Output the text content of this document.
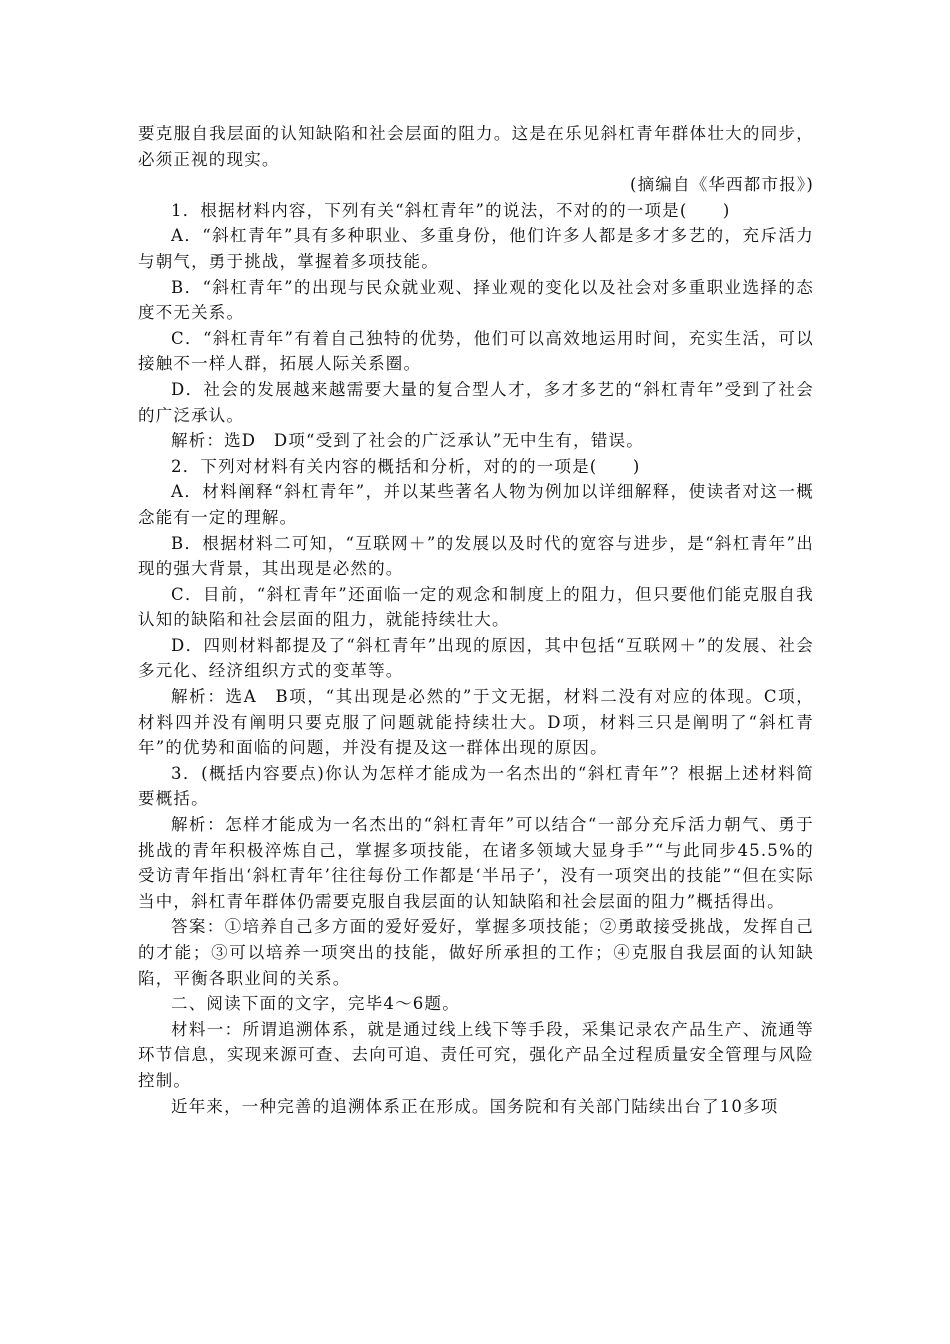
要克服自我层面的认知缺陷和社会层面的阻力。这是在乐见斜杠青年群体壮大的同步，必须正视的现实。

(摘编自《华西都市报》)

1．根据材料内容，下列有关“斜杠青年”的说法，不对的的一项是(　　)

A．“斜杠青年”具有多种职业、多重身份，他们许多人都是多才多艺的，充斥活力与朝气，勇于挑战，掌握着多项技能。

B．“斜杠青年”的出现与民众就业观、择业观的变化以及社会对多重职业选择的态度不无关系。

C．“斜杠青年”有着自己独特的优势，他们可以高效地运用时间，充实生活，可以接触不一样人群，拓展人际关系圈。

D．社会的发展越来越需要大量的复合型人才，多才多艺的“斜杠青年”受到了社会的广泛承认。

解析：选D　D项“受到了社会的广泛承认”无中生有，错误。

2．下列对材料有关内容的概括和分析，对的的一项是(　　)

A．材料阐释“斜杠青年”，并以某些著名人物为例加以详细解释，使读者对这一概念能有一定的理解。

B．根据材料二可知，“互联网＋”的发展以及时代的宽容与进步，是“斜杠青年”出现的强大背景，其出现是必然的。

C．目前，“斜杠青年”还面临一定的观念和制度上的阻力，但只要他们能克服自我认知的缺陷和社会层面的阻力，就能持续壮大。

D．四则材料都提及了“斜杠青年”出现的原因，其中包括“互联网＋”的发展、社会多元化、经济组织方式的变革等。

解析：选A　B项，“其出现是必然的”于文无据，材料二没有对应的体现。C项，材料四并没有阐明只要克服了问题就能持续壮大。D项，材料三只是阐明了“斜杠青年”的优势和面临的问题，并没有提及这一群体出现的原因。

3．(概括内容要点)你认为怎样才能成为一名杰出的“斜杠青年”？根据上述材料简要概括。

解析：怎样才能成为一名杰出的“斜杠青年”可以结合“一部分充斥活力朝气、勇于挑战的青年积极淬炼自己，掌握多项技能，在诸多领域大显身手”“与此同步45.5%的受访青年指出‘斜杠青年’往往每份工作都是‘半吊子’，没有一项突出的技能”“但在实际当中，斜杠青年群体仍需要克服自我层面的认知缺陷和社会层面的阻力”概括得出。

答案：①培养自己多方面的爱好爱好，掌握多项技能；②勇敢接受挑战，发挥自己的才能；③可以培养一项突出的技能，做好所承担的工作；④克服自我层面的认知缺陷，平衡各职业间的关系。

二、阅读下面的文字，完毕4～6题。

材料一：所谓追溯体系，就是通过线上线下等手段，采集记录农产品生产、流通等环节信息，实现来源可查、去向可追、责任可究，强化产品全过程质量安全管理与风险控制。

近年来，一种完善的追溯体系正在形成。国务院和有关部门陆续出台了10多项
